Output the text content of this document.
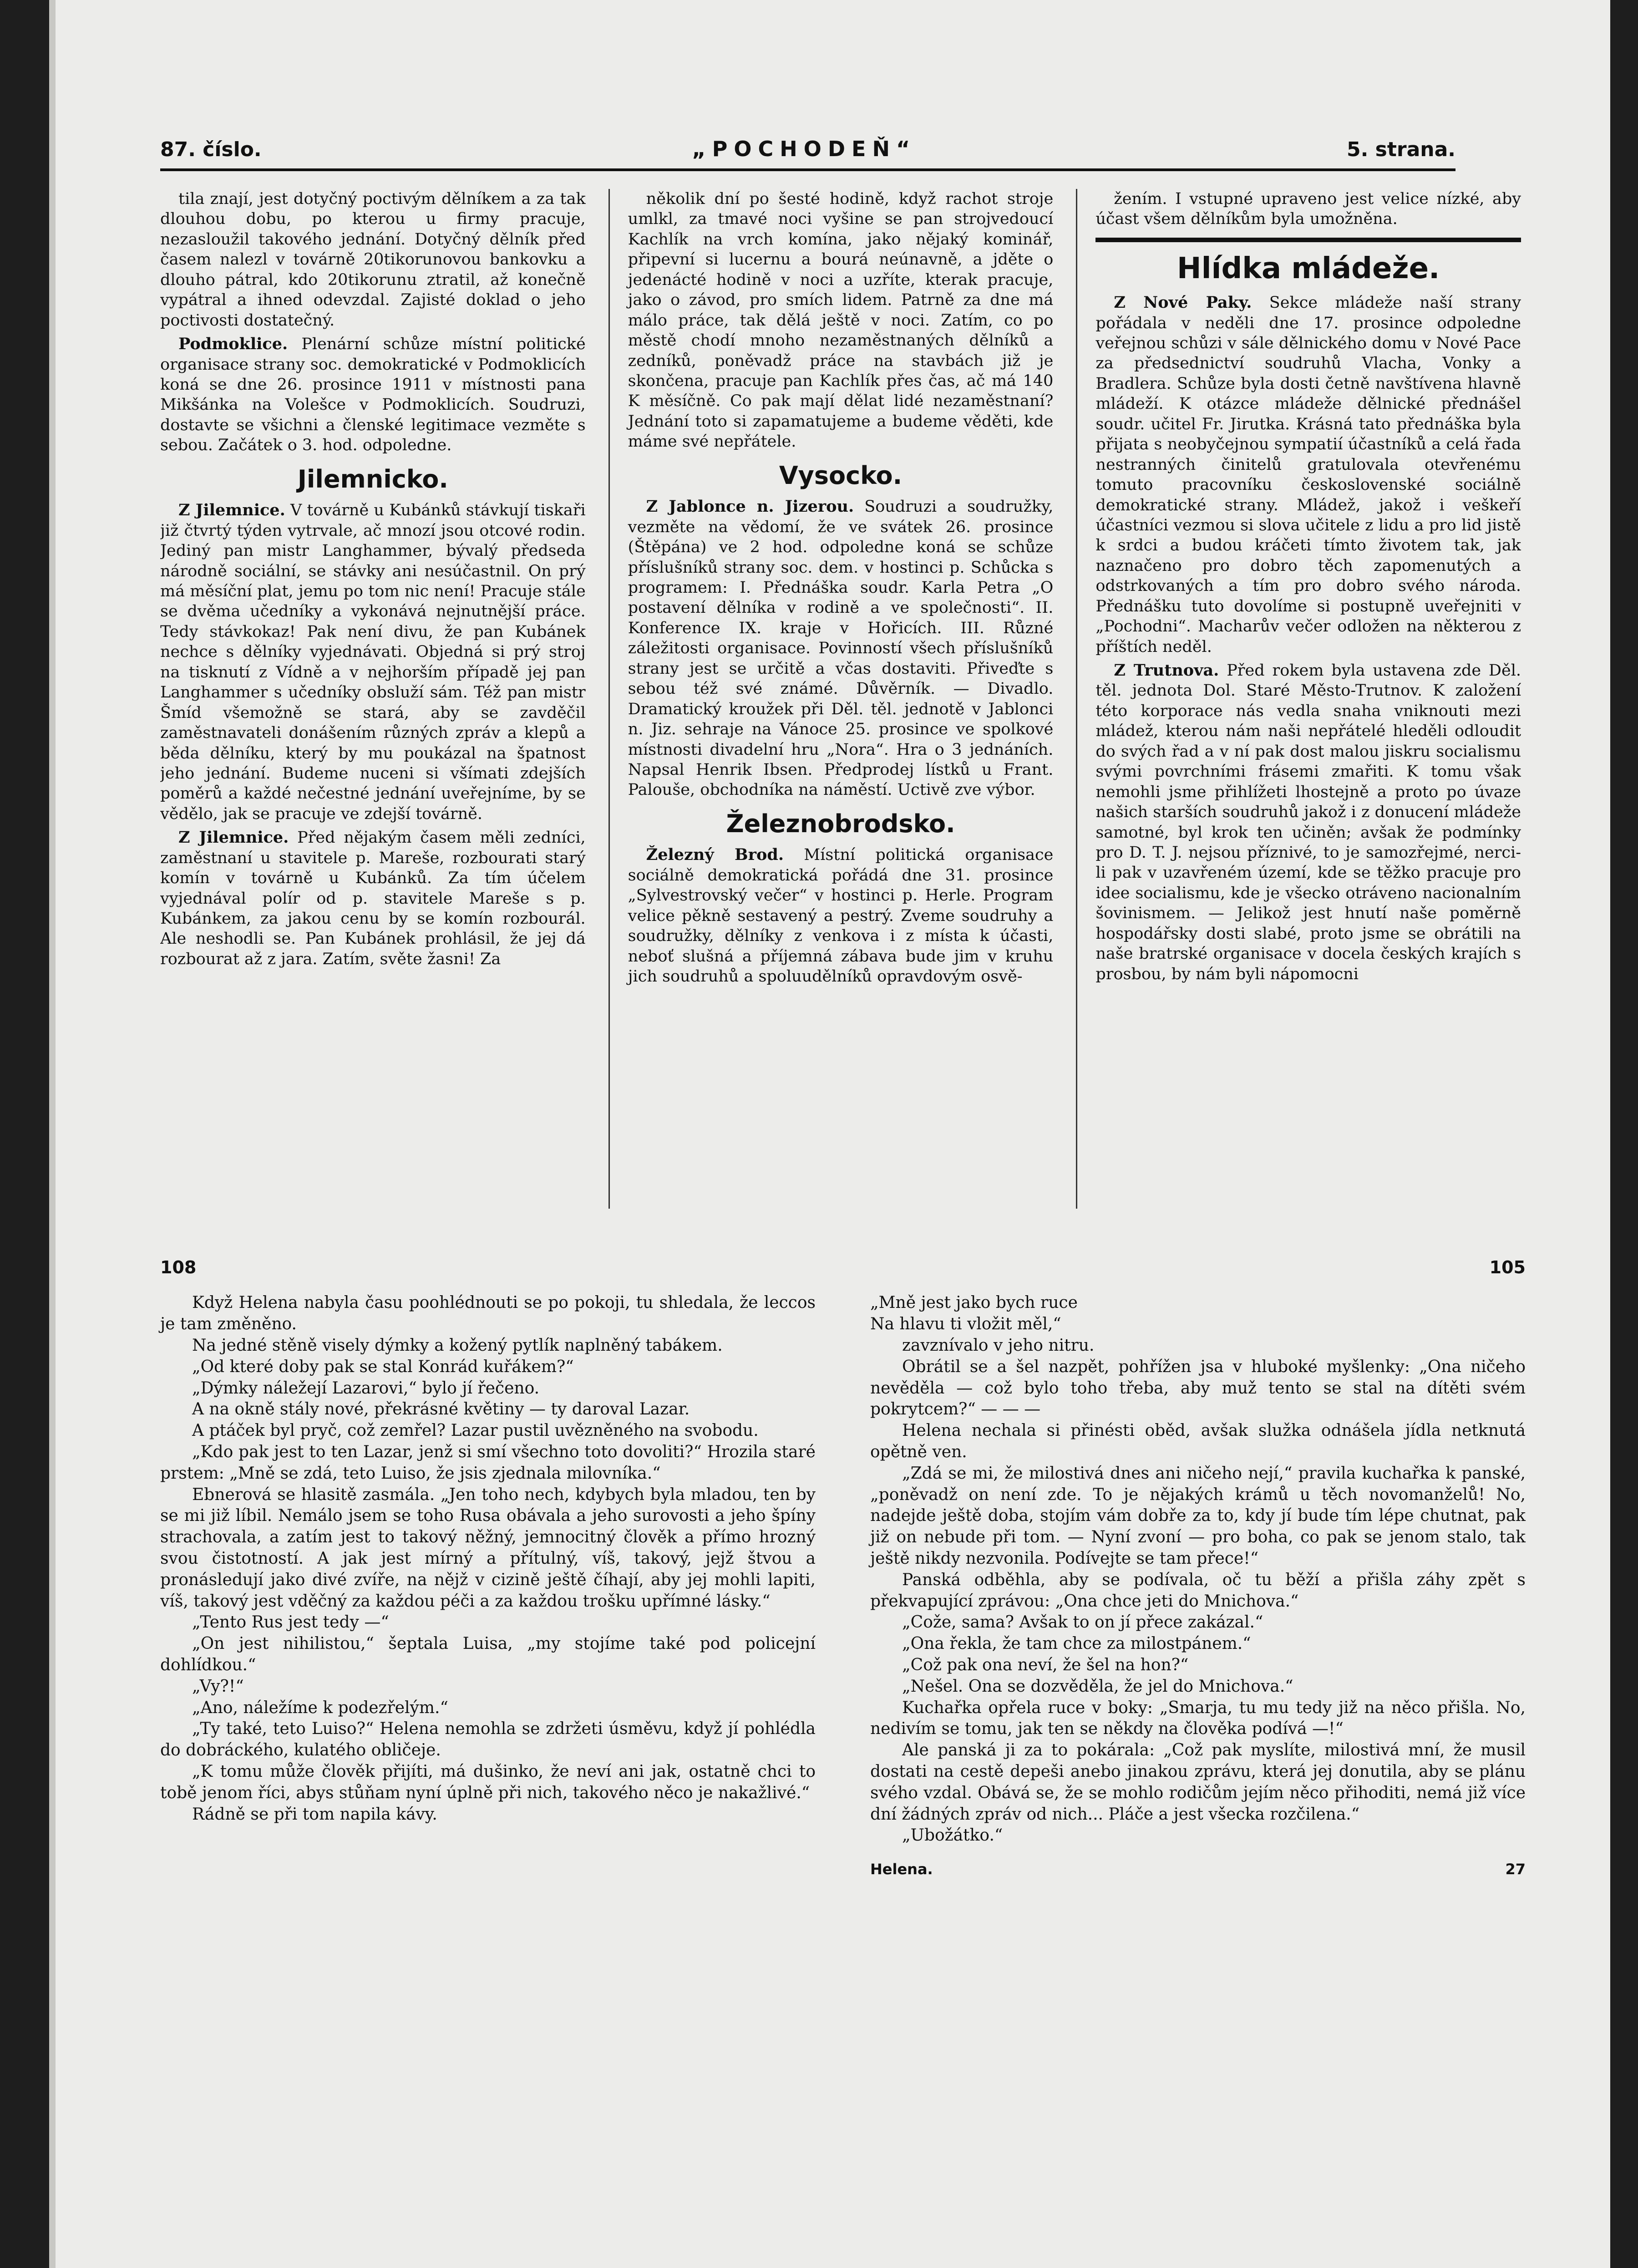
87. číslo.	„POCHODEŇ“	5. strana.

tila znají, jest dotyčný poctivým dělníkem a za tak dlouhou dobu, po kterou u firmy pracuje, nezasloužil takového jednání. Dotyčný dělník před časem nalezl v továrně 20tikorunovou bankovku a dlouho pátral, kdo 20tikorunu ztratil, až konečně vypátral a ihned odevzdal. Zajisté doklad o jeho poctivosti dostatečný.

Podmoklice. Plenární schůze místní politické organisace strany soc. demokratické v Podmoklicích koná se dne 26. prosince 1911 v místnosti pana Mikšánka na Volešce v Podmoklicích. Soudruzi, dostavte se všichni a členské legitimace vezměte s sebou. Začátek o 3. hod. odpoledne.

Jilemnicko.

Z Jilemnice. V továrně u Kubánků stávkují tiskaři již čtvrtý týden vytrvale, ač mnozí jsou otcové rodin. Jediný pan mistr Langhammer, bývalý předseda národně sociální, se stávky ani nesúčastnil. On prý má měsíční plat, jemu po tom nic není! Pracuje stále se dvěma učedníky a vykonává nejnutnější práce. Tedy stávkokaz! Pak není divu, že pan Kubánek nechce s dělníky vyjednávati. Objedná si prý stroj na tisknutí z Vídně a v nejhorším případě jej pan Langhammer s učedníky obsluží sám. Též pan mistr Šmíd všemožně se stará, aby se zavděčil zaměstnavateli donášením různých zpráv a klepů a běda dělníku, který by mu poukázal na špatnost jeho jednání. Budeme nuceni si všímati zdejších poměrů a každé nečestné jednání uveřejníme, by se vědělo, jak se pracuje ve zdejší továrně.

Z Jilemnice. Před nějakým časem měli zedníci, zaměstnaní u stavitele p. Mareše, rozbourati starý komín v továrně u Kubánků. Za tím účelem vyjednával polír od p. stavitele Mareše s p. Kubánkem, za jakou cenu by se komín rozbourál. Ale neshodli se. Pan Kubánek prohlásil, že jej dá rozbourat až z jara. Zatím, světe žasni! Za

několik dní po šesté hodině, když rachot stroje umlkl, za tmavé noci vyšine se pan strojvedoucí Kachlík na vrch komína, jako nějaký kominář, připevní si lucernu a bourá neúnavně, a jděte o jedenácté hodině v noci a uzříte, kterak pracuje, jako o závod, pro smích lidem. Patrně za dne má málo práce, tak dělá ještě v noci. Zatím, co po městě chodí mnoho nezaměstnaných dělníků a zedníků, poněvadž práce na stavbách již je skončena, pracuje pan Kachlík přes čas, ač má 140 K měsíčně. Co pak mají dělat lidé nezaměstnaní? Jednání toto si zapamatujeme a budeme věděti, kde máme své nepřátele.

Vysocko.

Z Jablonce n. Jizerou. Soudruzi a soudružky, vezměte na vědomí, že ve svátek 26. prosince (Štěpána) ve 2 hod. odpoledne koná se schůze příslušníků strany soc. dem. v hostinci p. Schůcka s programem: I. Přednáška soudr. Karla Petra „O postavení dělníka v rodině a ve společnosti“. II. Konference IX. kraje v Hořicích. III. Různé záležitosti organisace. Povinností všech příslušníků strany jest se určitě a včas dostaviti. Přiveďte s sebou též své známé. Důvěrník. — Divadlo. Dramatický kroužek při Děl. těl. jednotě v Jablonci n. Jiz. sehraje na Vánoce 25. prosince ve spolkové místnosti divadelní hru „Nora“. Hra o 3 jednáních. Napsal Henrik Ibsen. Předprodej lístků u Frant. Palouše, obchodníka na náměstí. Uctivě zve výbor.

Železnobrodsko.

Železný Brod. Místní politická organisace sociálně demokratická pořádá dne 31. prosince „Sylvestrovský večer“ v hostinci p. Herle. Program velice pěkně sestavený a pestrý. Zveme soudruhy a soudružky, dělníky z venkova i z místa k účasti, neboť slušná a příjemná zábava bude jim v kruhu jich soudruhů a spoluudělníků opravdovým osvě-

žením. I vstupné upraveno jest velice nízké, aby účast všem dělníkům byla umožněna.

Hlídka mládeže.

Z Nové Paky. Sekce mládeže naší strany pořádala v neděli dne 17. prosince odpoledne veřejnou schůzi v sále dělnického domu v Nové Pace za předsednictví soudruhů Vlacha, Vonky a Bradlera. Schůze byla dosti četně navštívena hlavně mládeží. K otázce mládeže dělnické přednášel soudr. učitel Fr. Jirutka. Krásná tato přednáška byla přijata s neobyčejnou sympatií účastníků a celá řada nestranných činitelů gratulovala otevřenému tomuto pracovníku československé sociálně demokratické strany. Mládež, jakož i veškeří účastníci vezmou si slova učitele z lidu a pro lid jistě k srdci a budou kráčeti tímto životem tak, jak naznačeno pro dobro těch zapomenutých a odstrkovaných a tím pro dobro svého národa. Přednášku tuto dovolíme si postupně uveřejniti v „Pochodni“. Macharův večer odložen na některou z příštích neděl.

Z Trutnova. Před rokem byla ustavena zde Děl. těl. jednota Dol. Staré Město-Trutnov. K založení této korporace nás vedla snaha vniknouti mezi mládež, kterou nám naši nepřátelé hleděli odloudit do svých řad a v ní pak dost malou jiskru socialismu svými povrchními frásemi zmařiti. K tomu však nemohli jsme přihlížeti lhostejně a proto po úvaze našich starších soudruhů jakož i z donucení mládeže samotné, byl krok ten učiněn; avšak že podmínky pro D. T. J. nejsou příznivé, to je samozřejmé, nerci-li pak v uzavřeném území, kde se těžko pracuje pro idee socialismu, kde je všecko otráveno nacionalním šovinismem. — Jelikož jest hnutí naše poměrně hospodářsky dosti slabé, proto jsme se obrátili na naše bratrské organisace v docela českých krajích s prosbou, by nám byli nápomocni

108

Když Helena nabyla času poohlédnouti se po pokoji, tu shledala, že leccos je tam změněno.

Na jedné stěně visely dýmky a kožený pytlík naplněný tabákem.

„Od které doby pak se stal Konrád kuřákem?“

„Dýmky náležejí Lazarovi,“ bylo jí řečeno.

A na okně stály nové, překrásné květiny — ty daroval Lazar.

A ptáček byl pryč, což zemřel? Lazar pustil uvězněného na svobodu.

„Kdo pak jest to ten Lazar, jenž si smí všechno toto dovoliti?“ Hrozila staré prstem: „Mně se zdá, teto Luiso, že jsis zjednala milovníka.“

Ebnerová se hlasitě zasmála. „Jen toho nech, kdybych byla mladou, ten by se mi již líbil. Nemálo jsem se toho Rusa obávala a jeho surovosti a jeho špíny strachovala, a zatím jest to takový něžný, jemnocitný člověk a přímo hrozný svou čistotností. A jak jest mírný a přítulný, víš, takový, jejž štvou a pronásledují jako divé zvíře, na nějž v cizině ještě číhají, aby jej mohli lapiti, víš, takový jest vděčný za každou péči a za každou trošku upřímné lásky.“

„Tento Rus jest tedy —“

„On jest nihilistou,“ šeptala Luisa, „my stojíme také pod policejní dohlídkou.“

„Vy?!“

„Ano, náležíme k podezřelým.“

„Ty také, teto Luiso?“ Helena nemohla se zdržeti úsměvu, když jí pohlédla do dobráckého, kulatého obličeje.

„K tomu může člověk přijíti, má dušinko, že neví ani jak, ostatně chci to tobě jenom říci, abys stůňam nyní úplně při nich, takového něco je nakažlivé.“

Rádně se při tom napila kávy.

105

„Mně jest jako bych ruce

Na hlavu ti vložit měl,“

zavznívalo v jeho nitru.

Obrátil se a šel nazpět, pohřížen jsa v hluboké myšlenky: „Ona ničeho nevěděla — což bylo toho třeba, aby muž tento se stal na dítěti svém pokrytcem?“ — — —

Helena nechala si přinésti oběd, avšak služka odnášela jídla netknutá opětně ven.

„Zdá se mi, že milostivá dnes ani ničeho nejí,“ pravila kuchařka k panské, „poněvadž on není zde. To je nějakých krámů u těch novomanželů! No, nadejde ještě doba, stojím vám dobře za to, kdy jí bude tím lépe chutnat, pak již on nebude při tom. — Nyní zvoní — pro boha, co pak se jenom stalo, tak ještě nikdy nezvonila. Podívejte se tam přece!“

Panská odběhla, aby se podívala, oč tu běží a přišla záhy zpět s překvapující zprávou: „Ona chce jeti do Mnichova.“

„Cože, sama? Avšak to on jí přece zakázal.“

„Ona řekla, že tam chce za milostpánem.“

„Což pak ona neví, že šel na hon?“

„Nešel. Ona se dozvěděla, že jel do Mnichova.“

Kuchařka opřela ruce v boky: „Smarja, tu mu tedy již na něco přišla. No, nedivím se tomu, jak ten se někdy na člověka podívá —!“

Ale panská ji za to pokárala: „Což pak myslíte, milostivá mní, že musil dostati na cestě depeši anebo jinakou zprávu, která jej donutila, aby se plánu svého vzdal. Obává se, že se mohlo rodičům jejím něco přihoditi, nemá již více dní žádných zpráv od nich... Pláče a jest všecka rozčilena.“

„Ubožátko.“

Helena.	27
